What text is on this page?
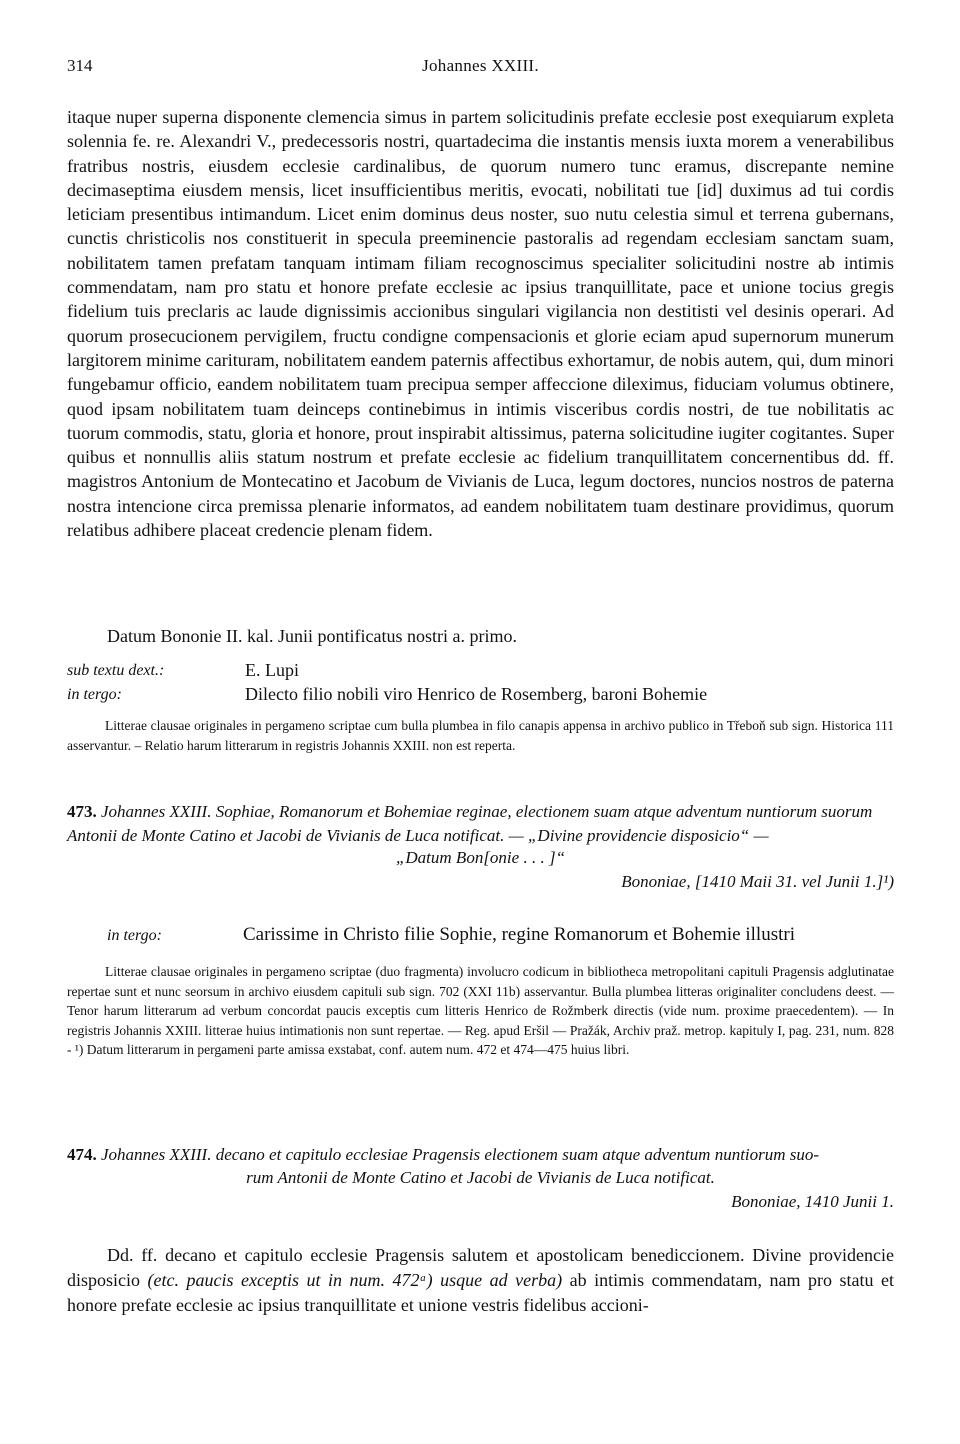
314	Johannes XXIII.

itaque nuper superna disponente clemencia simus in partem solicitudinis prefate ecclesie post exequiarum expleta solennia fe. re. Alexandri V., predecessoris nostri, quartadecima die instantis mensis iuxta morem a venerabilibus fratribus nostris, eiusdem ecclesie cardinalibus, de quorum numero tunc eramus, discrepante nemine decimaseptima eiusdem mensis, licet insufficientibus meritis, evocati, nobilitati tue [id] duximus ad tui cordis leticiam presentibus intimandum. Licet enim dominus deus noster, suo nutu celestia simul et terrena gubernans, cunctis christicolis nos constituerit in specula preeminencie pastoralis ad regendam ecclesiam sanctam suam, nobilitatem tamen prefatam tanquam intimam filiam recognoscimus specialiter solicitudini nostre ab intimis commendatam, nam pro statu et honore prefate ecclesie ac ipsius tranquillitate, pace et unione tocius gregis fidelium tuis preclaris ac laude dignissimis accionibus singulari vigilancia non destitisti vel desinis operari. Ad quorum prosecucionem pervigilem, fructu condigne compensacionis et glorie eciam apud supernorum munerum largitorem minime carituram, nobilitatem eandem paternis affectibus exhortamur, de nobis autem, qui, dum minori fungebamur officio, eandem nobilitatem tuam precipua semper affeccione dileximus, fiduciam volumus obtinere, quod ipsam nobilitatem tuam deinceps continebimus in intimis visceribus cordis nostri, de tue nobilitatis ac tuorum commodis, statu, gloria et honore, prout inspirabit altissimus, paterna solicitudine iugiter cogitantes. Super quibus et nonnullis aliis statum nostrum et prefate ecclesie ac fidelium tranquillitatem concernentibus dd. ff. magistros Antonium de Montecatino et Jacobum de Vivianis de Luca, legum doctores, nuncios nostros de paterna nostra intencione circa premissa plenarie informatos, ad eandem nobilitatem tuam destinare providimus, quorum relatibus adhibere placeat credencie plenam fidem.

Datum Bononie II. kal. Junii pontificatus nostri a. primo.
sub textu dext.:	E. Lupi
in tergo:	Dilecto filio nobili viro Henrico de Rosemberg, baroni Bohemie
Litterae clausae originales in pergameno scriptae cum bulla plumbea in filo canapis appensa in archivo publico in Třeboň sub sign. Historica 111 asservantur. – Relatio harum litterarum in registris Johannis XXIII. non est reperta.
473. Johannes XXIII. Sophiae, Romanorum et Bohemiae reginae, electionem suam atque adventum nuntiorum suorum Antonii de Monte Catino et Jacobi de Vivianis de Luca notificat. — „Divine providencie disposicio“ —
„Datum Bon[onie . . . ]“
Bononiae, [1410 Maii 31. vel Junii 1.]¹)
in tergo:	Carissime in Christo filie Sophie, regine Romanorum et Bohemie illustri
Litterae clausae originales in pergameno scriptae (duo fragmenta) involucro codicum in bibliotheca metropolitani capituli Pragensis adglutinatae repertae sunt et nunc seorsum in archivo eiusdem capituli sub sign. 702 (XXI 11b) asservantur. Bulla plumbea litteras originaliter concludens deest. — Tenor harum litterarum ad verbum concordat paucis exceptis cum litteris Henrico de Rožmberk directis (vide num. proxime praecedentem). — In registris Johannis XXIII. litterae huius intimationis non sunt repertae. — Reg. apud Eršil — Pražák, Archiv praž. metrop. kapituly I, pag. 231, num. 828 - ¹) Datum litterarum in pergameni parte amissa exstabat, conf. autem num. 472 et 474—475 huius libri.
474. Johannes XXIII. decano et capitulo ecclesiae Pragensis electionem suam atque adventum nuntiorum suo-
rum Antonii de Monte Catino et Jacobi de Vivianis de Luca notificat.
Bononiae, 1410 Junii 1.
Dd. ff. decano et capitulo ecclesie Pragensis salutem et apostolicam benediccionem. Divine providencie disposicio (etc. paucis exceptis ut in num. 472ᵃ) usque ad verba) ab intimis commendatam, nam pro statu et honore prefate ecclesie ac ipsius tranquillitate et unione vestris fidelibus accioni-
